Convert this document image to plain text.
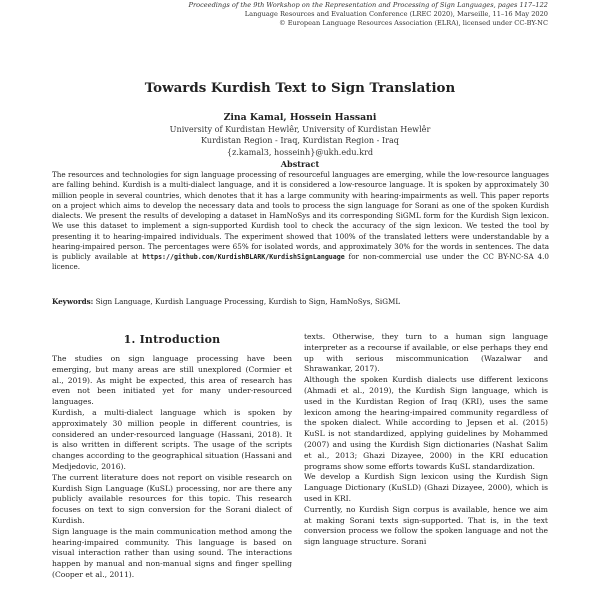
Proceedings of the 9th Workshop on the Representation and Processing of Sign Languages, pages 117–122
Language Resources and Evaluation Conference (LREC 2020), Marseille, 11–16 May 2020
© European Language Resources Association (ELRA), licensed under CC-BY-NC
Towards Kurdish Text to Sign Translation
Zina Kamal, Hossein Hassani
University of Kurdistan Hewlêr, University of Kurdistan Hewlêr
Kurdistan Region - Iraq, Kurdistan Region - Iraq
{z.kamal3, hosseinh}@ukh.edu.krd
Abstract
The resources and technologies for sign language processing of resourceful languages are emerging, while the low-resource languages are falling behind. Kurdish is a multi-dialect language, and it is considered a low-resource language. It is spoken by approximately 30 million people in several countries, which denotes that it has a large community with hearing-impairments as well. This paper reports on a project which aims to develop the necessary data and tools to process the sign language for Sorani as one of the spoken Kurdish dialects. We present the results of developing a dataset in HamNoSys and its corresponding SiGML form for the Kurdish Sign lexicon. We use this dataset to implement a sign-supported Kurdish tool to check the accuracy of the sign lexicon. We tested the tool by presenting it to hearing-impaired individuals. The experiment showed that 100% of the translated letters were understandable by a hearing-impaired person. The percentages were 65% for isolated words, and approximately 30% for the words in sentences. The data is publicly available at https://github.com/KurdishBLARK/KurdishSignLanguage for non-commercial use under the CC BY-NC-SA 4.0 licence.
Keywords: Sign Language, Kurdish Language Processing, Kurdish to Sign, HamNoSys, SiGML
1. Introduction

The studies on sign language processing have been emerging, but many areas are still unexplored (Cormier et al., 2019). As might be expected, this area of research has even not been initiated yet for many under-resourced languages.

Kurdish, a multi-dialect language which is spoken by approximately 30 million people in different countries, is considered an under-resourced language (Hassani, 2018). It is also written in different scripts. The usage of the scripts changes according to the geographical situation (Hassani and Medjedovic, 2016).

The current literature does not report on visible research on Kurdish Sign Language (KuSL) processing, nor are there any publicly available resources for this topic. This research focuses on text to sign conversion for the Sorani dialect of Kurdish.

Sign language is the main communication method among the hearing-impaired community. This language is based on visual interaction rather than using sound. The interactions happen by manual and non-manual signs and finger spelling (Cooper et al., 2011).

texts. Otherwise, they turn to a human sign language interpreter as a recourse if available, or else perhaps they end up with serious miscommunication (Wazalwar and Shrawankar, 2017).

Although the spoken Kurdish dialects use different lexicons (Ahmadi et al., 2019), the Kurdish Sign language, which is used in the Kurdistan Region of Iraq (KRI), uses the same lexicon among the hearing-impaired community regardless of the spoken dialect. While according to Jepsen et al. (2015) KuSL is not standardized, applying guidelines by Mohammed (2007) and using the Kurdish Sign dictionaries (Nashat Salim et al., 2013; Ghazi Dizayee, 2000) in the KRI education programs show some efforts towards KuSL standardization.

We develop a Kurdish Sign lexicon using the Kurdish Sign Language Dictionary (KuSLD) (Ghazi Dizayee, 2000), which is used in KRI.

Currently, no Kurdish Sign corpus is available, hence we aim at making Sorani texts sign-supported. That is, in the text conversion process we follow the spoken language and not the sign language structure. Sorani
